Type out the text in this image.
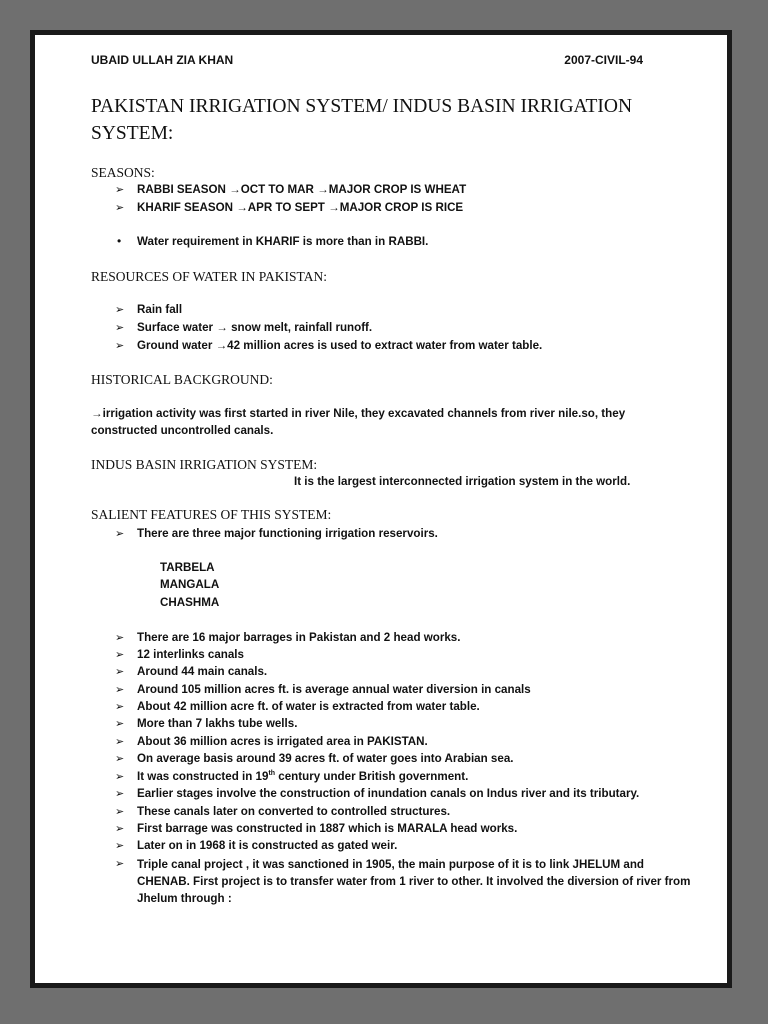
UBAID ULLAH ZIA KHAN	2007-CIVIL-94
PAKISTAN IRRIGATION SYSTEM/ INDUS BASIN IRRIGATION SYSTEM:
SEASONS:
➢ RABBI SEASON →OCT TO MAR →MAJOR CROP IS WHEAT
➢ KHARIF SEASON →APR TO SEPT →MAJOR CROP IS RICE
• Water requirement in KHARIF is more than in RABBI.
RESOURCES OF WATER IN PAKISTAN:
➢ Rain fall
➢ Surface water → snow melt, rainfall runoff.
➢ Ground water →42 million acres is used to extract water from water table.
HISTORICAL BACKGROUND:
→irrigation activity was first started in river Nile, they excavated channels from river nile.so, they constructed uncontrolled canals.
INDUS BASIN IRRIGATION SYSTEM:
It is the largest interconnected irrigation system in the world.
SALIENT FEATURES OF THIS SYSTEM:
➢ There are three major functioning irrigation reservoirs.
TARBELA
MANGALA
CHASHMA
➢ There are 16 major barrages in Pakistan and 2 head works.
➢ 12 interlinks canals
➢ Around 44 main canals.
➢ Around 105 million acres ft. is average annual water diversion in canals
➢ About 42 million acre ft. of water is extracted from water table.
➢ More than 7 lakhs tube wells.
➢ About 36 million acres is irrigated area in PAKISTAN.
➢ On average basis around 39 acres ft. of water goes into Arabian sea.
➢ It was constructed in 19th century under British government.
➢ Earlier stages involve the construction of inundation canals on Indus river and its tributary.
➢ These canals later on converted to controlled structures.
➢ First barrage was constructed in 1887 which is MARALA head works.
➢ Later on in 1968 it is constructed as gated weir.
➢ Triple canal project , it was sanctioned in 1905, the main purpose of it is to link JHELUM and CHENAB. First project is to transfer water from 1 river to other. It involved the diversion of river from Jhelum through :
